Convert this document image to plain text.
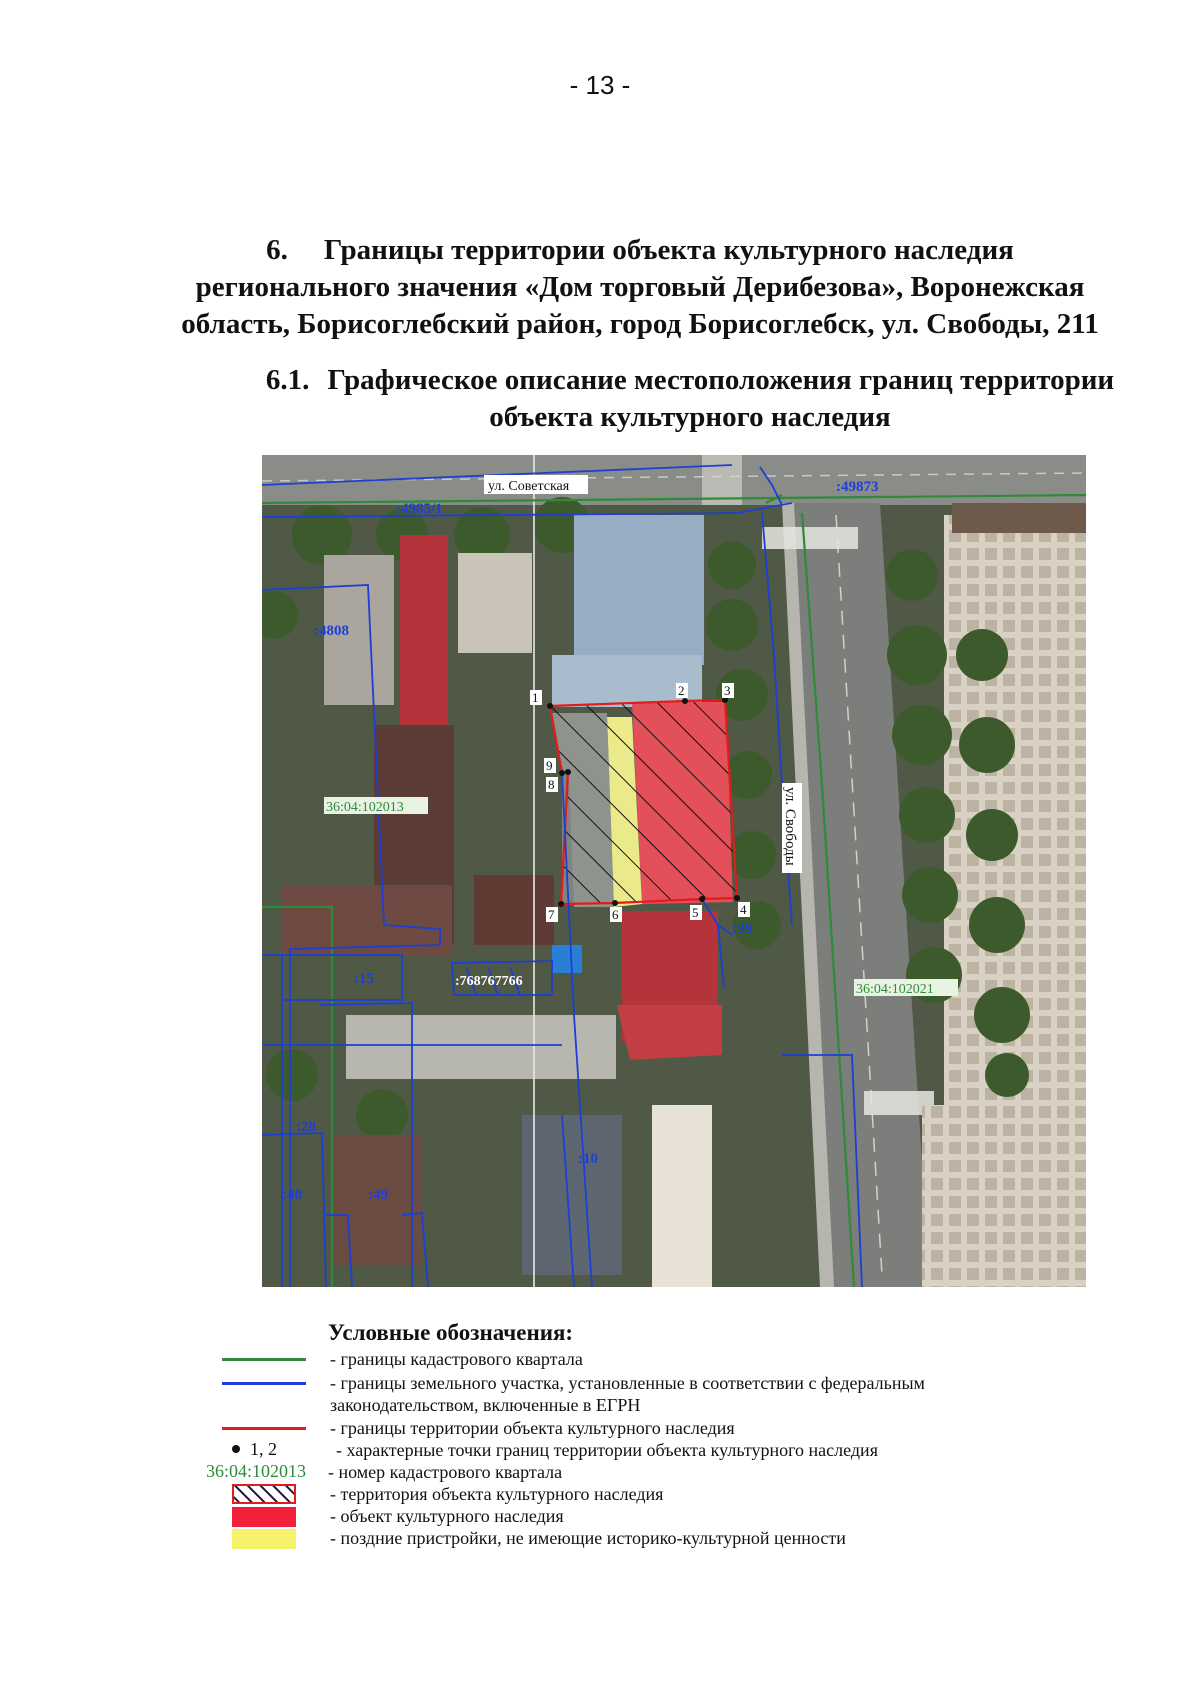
- 13 -
6. Границы территории объекта культурного наследия
регионального значения «Дом торговый Дерибезова», Воронежская
область, Борисоглебский район, город Борисоглебск, ул. Свободы, 211
6.1. Графическое описание местоположения границ территории
объекта культурного наследия
1	2	3
4
5
6
7
8
9
ул. Советская
ул. Свободы
:4985/1
:49873
:4808
:15	:768767766
:39
:10
:49
:48
:28
36:04:102013
36:04:102021
Условные обозначения:
- границы кадастрового квартала
- границы земельного участка, установленные в соответствии с федеральным
законодательством, включенные в ЕГРН
- границы территории объекта культурного наследия
1, 2	- характерные точки границ территории объекта культурного наследия
36:04:102013 - номер кадастрового квартала
- территория объекта культурного наследия
- объект культурного наследия
- поздние пристройки, не имеющие историко-культурной ценности
